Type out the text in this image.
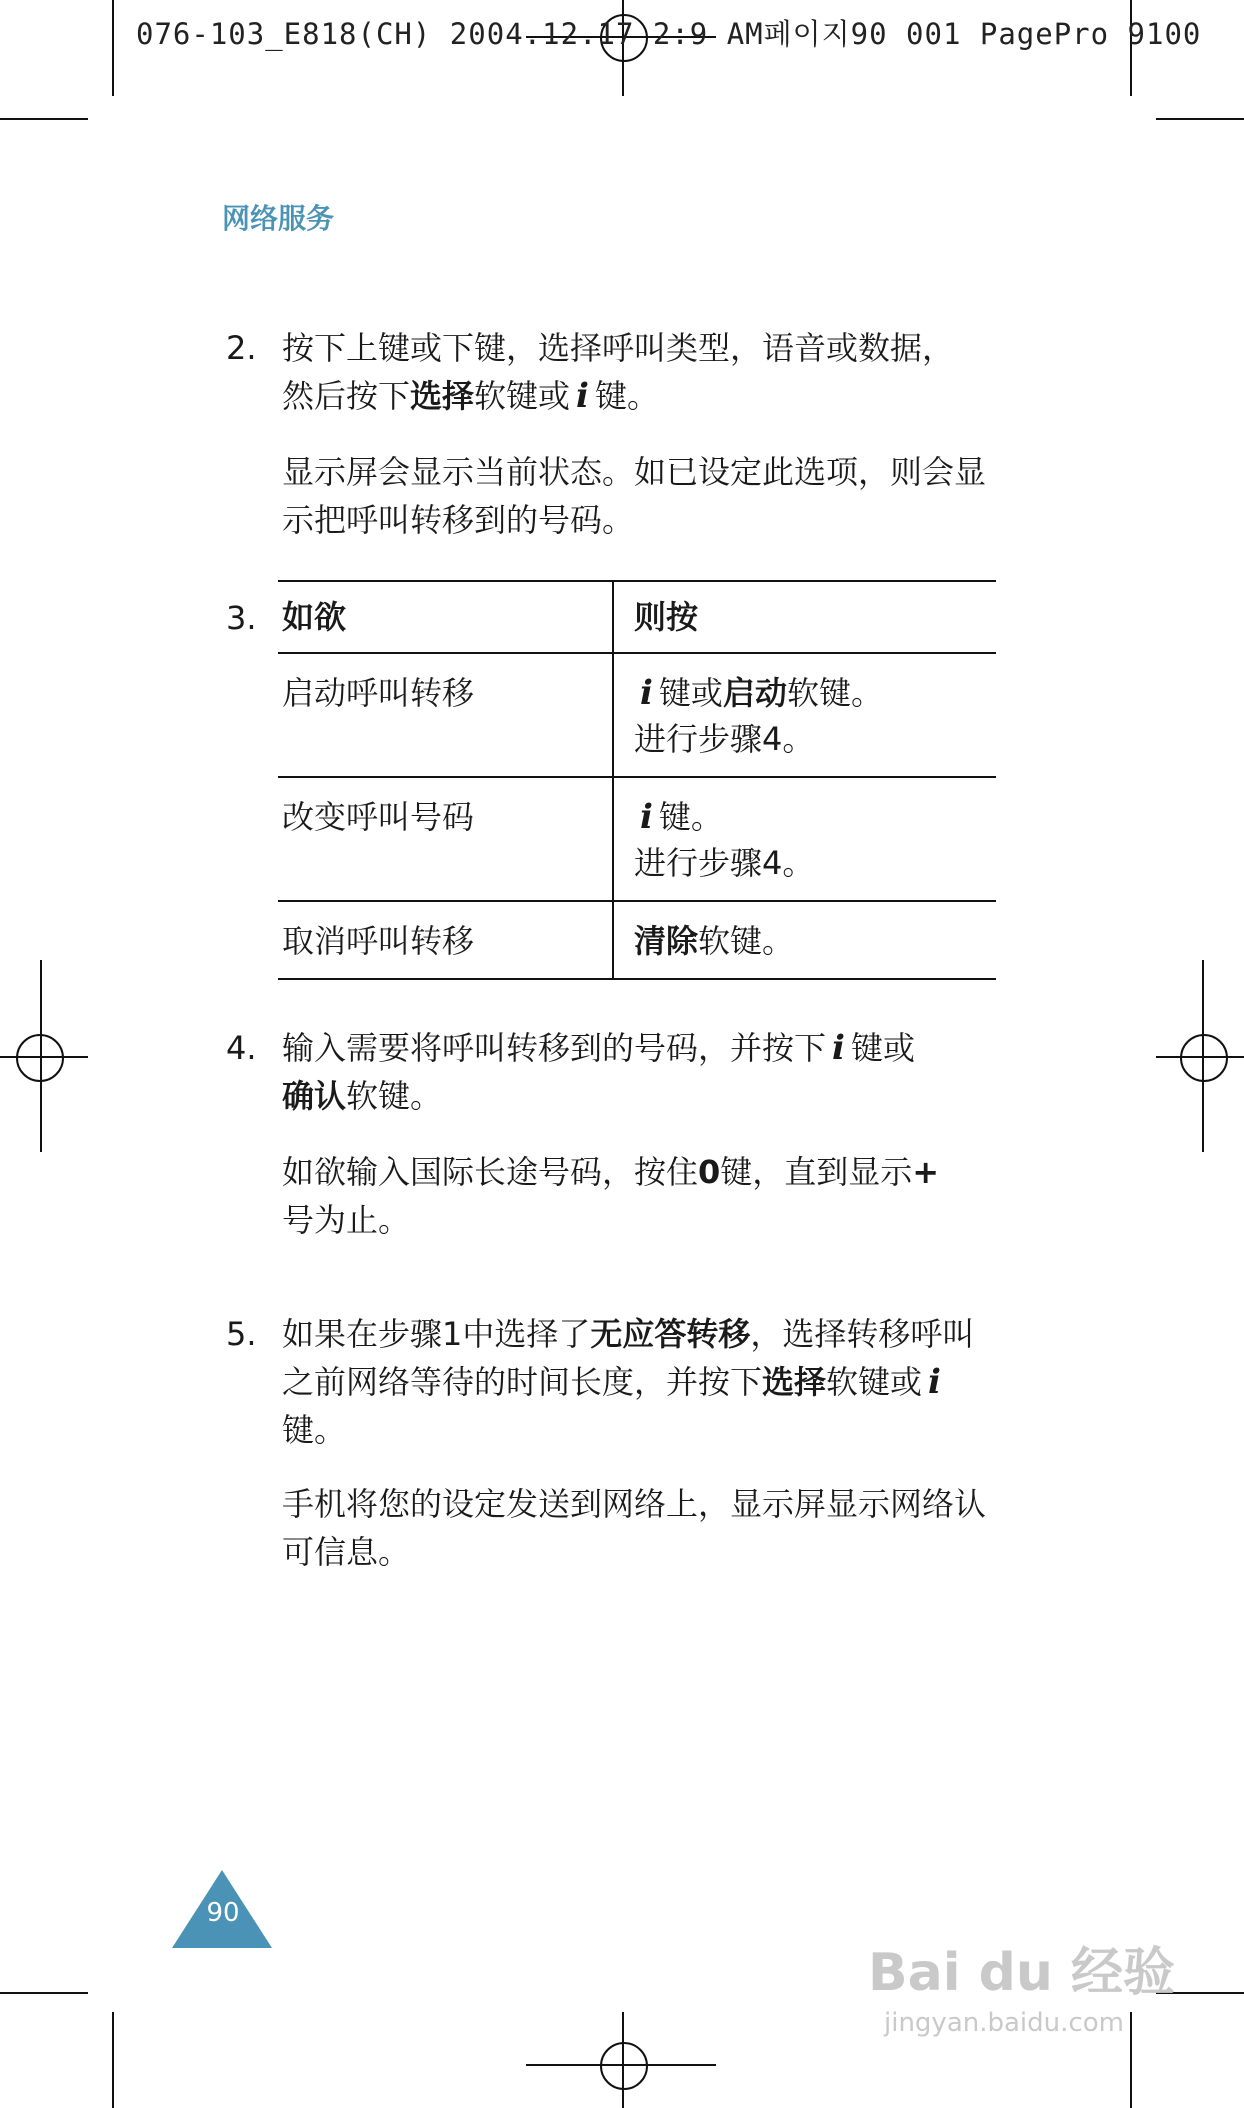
076-103_E818(CH) 2004.12.17 2:9 AM페이지90 001 PagePro 9100
网络服务
2. 按下上键或下键，选择呼叫类型，语音或数据，
然后按下选择软键或 i 键。

显示屏会显示当前状态。如已设定此选项，则会显示把呼叫转移到的号码。

3. 如欲	则按
启动呼叫转移	i 键或启动软键。
进行步骤4。
改变呼叫号码	i 键。
进行步骤4。
取消呼叫转移	清除软键。
4. 输入需要将呼叫转移到的号码，并按下 i 键或
确认软键。

如欲输入国际长途号码，按住0键，直到显示+
号为止。

5. 如果在步骤1中选择了无应答转移，选择转移呼叫之前网络等待的时间长度，并按下选择软键或 i键。

手机将您的设定发送到网络上，显示屏显示网络认可信息。

90
Bai du 经验
jingyan.baidu.com
